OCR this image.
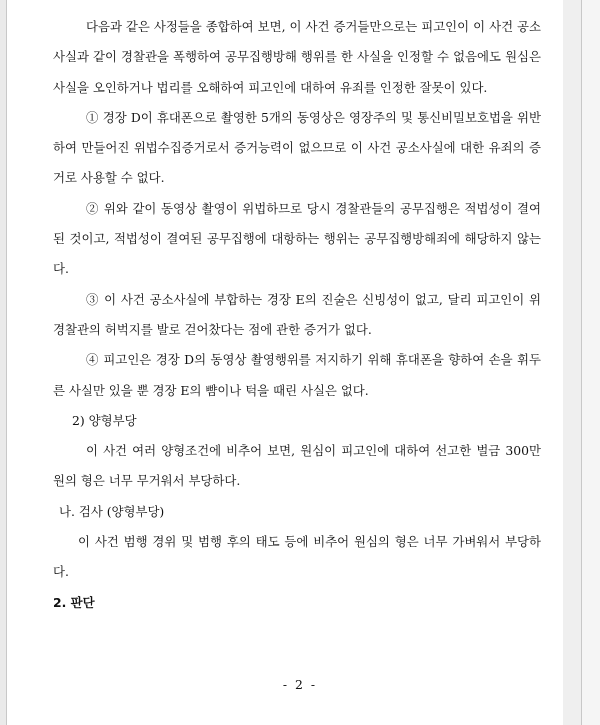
다음과 같은 사정들을 종합하여 보면, 이 사건 증거들만으로는 피고인이 이 사건 공소사실과 같이 경찰관을 폭행하여 공무집행방해 행위를 한 사실을 인정할 수 없음에도 원심은 사실을 오인하거나 법리를 오해하여 피고인에 대하여 유죄를 인정한 잘못이 있다.

① 경장 D이 휴대폰으로 촬영한 5개의 동영상은 영장주의 및 통신비밀보호법을 위반하여 만들어진 위법수집증거로서 증거능력이 없으므로 이 사건 공소사실에 대한 유죄의 증거로 사용할 수 없다.

② 위와 같이 동영상 촬영이 위법하므로 당시 경찰관들의 공무집행은 적법성이 결여된 것이고, 적법성이 결여된 공무집행에 대항하는 행위는 공무집행방해죄에 해당하지 않는다.

③ 이 사건 공소사실에 부합하는 경장 E의 진술은 신빙성이 없고, 달리 피고인이 위 경찰관의 허벅지를 발로 걷어찼다는 점에 관한 증거가 없다.

④ 피고인은 경장 D의 동영상 촬영행위를 저지하기 위해 휴대폰을 향하여 손을 휘두른 사실만 있을 뿐 경장 E의 뺨이나 턱을 때린 사실은 없다.

2) 양형부당

이 사건 여러 양형조건에 비추어 보면, 원심이 피고인에 대하여 선고한 벌금 300만 원의 형은 너무 무거워서 부당하다.

나. 검사 (양형부당)

이 사건 범행 경위 및 범행 후의 태도 등에 비추어 원심의 형은 너무 가벼워서 부당하다.

2. 판단

- 2 -
